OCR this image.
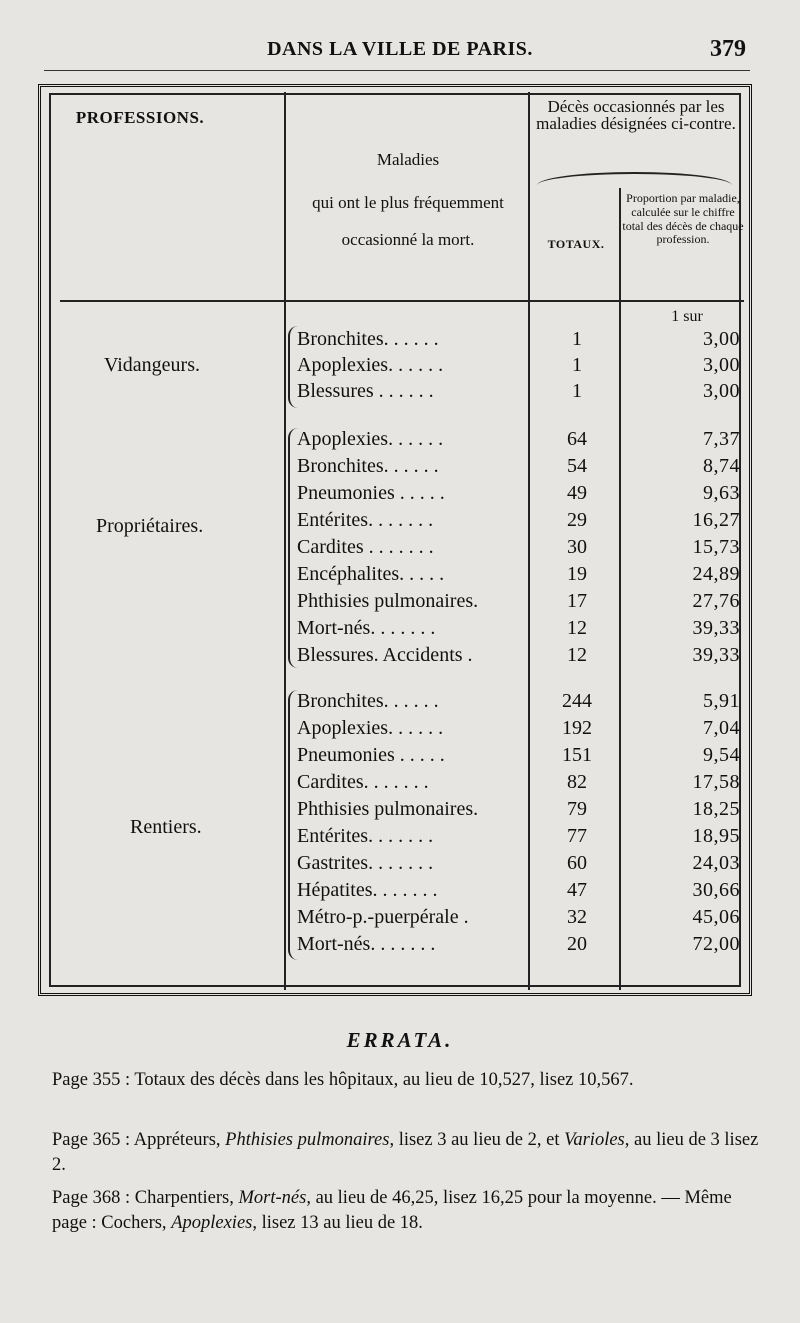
DANS LA VILLE DE PARIS.	379
PROFESSIONS.
Maladies
qui ont le plus fréquemment
occasionné la mort.
Décès occasionnés par les maladies désignées ci-contre.
TOTAUX.
Proportion par maladie, calculée sur le chiffre total des décès de chaque profession.
1 sur
Vidangeurs.
Bronchites. . . . . .	1	3,00
Apoplexies. . . . . .	1	3,00
Blessures . . . . . .	1	3,00
Propriétaires.
Apoplexies. . . . . .	64	7,37
Bronchites. . . . . .	54	8,74
Pneumonies . . . . .	49	9,63
Entérites. . . . . . .	29	16,27
Cardites . . . . . . .	30	15,73
Encéphalites. . . . .	19	24,89
Phthisies pulmonaires.	17	27,76
Mort-nés. . . . . . .	12	39,33
Blessures. Accidents .	12	39,33
Rentiers.
Bronchites. . . . . .	244	5,91
Apoplexies. . . . . .	192	7,04
Pneumonies . . . . .	151	9,54
Cardites. . . . . . .	82	17,58
Phthisies pulmonaires.	79	18,25
Entérites. . . . . . .	77	18,95
Gastrites. . . . . . .	60	24,03
Hépatites. . . . . . .	47	30,66
Métro-p.-puerpérale .	32	45,06
Mort-nés. . . . . . .	20	72,00
ERRATA.
Page 355 : Totaux des décès dans les hôpitaux, au lieu de 10,527, lisez 10,567.
Page 365 : Appréteurs, Phthisies pulmonaires, lisez 3 au lieu de 2, et Varioles, au lieu de 3 lisez 2.
Page 368 : Charpentiers, Mort-nés, au lieu de 46,25, lisez 16,25 pour la moyenne. — Même page : Cochers, Apoplexies, lisez 13 au lieu de 18.
